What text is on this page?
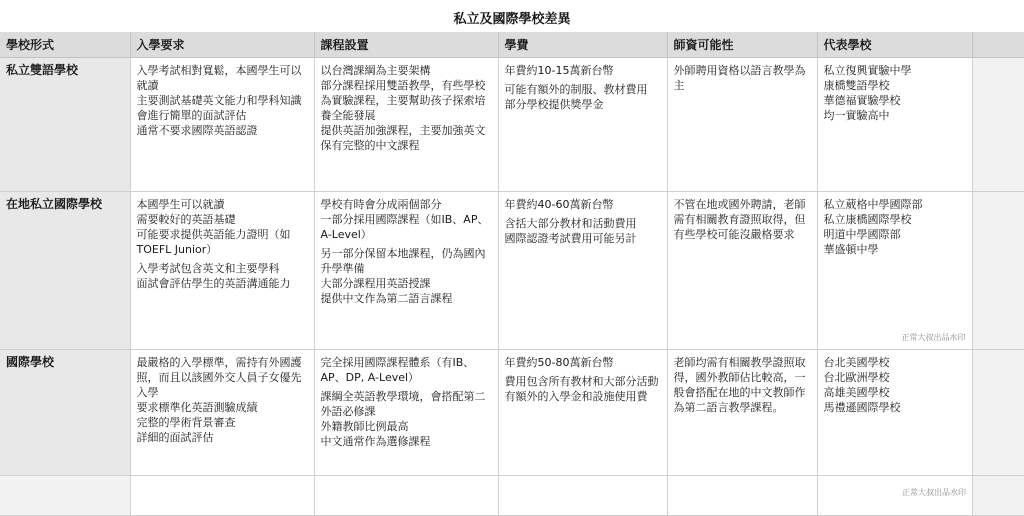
私立及國際學校差異
學校形式	入學要求	課程設置	學費	師資可能性	代表學校	
私立雙語學校	入學考試相對寬鬆，本國學生可以就讀
主要測試基礎英文能力和學科知識
會進行簡單的面試評估
通常不要求國際英語認證	以台灣課綱為主要架構
部分課程採用雙語教學，有些學校為實驗課程，主要幫助孩子探索培養全能發展
提供英語加強課程，主要加強英文
保有完整的中文課程	年費約10-15萬新台幣
可能有額外的制服、教材費用
部分學校提供獎學金	外師聘用資格以語言教學為主	私立復興實驗中學
康橋雙語學校
華德福實驗學校
均一實驗高中	

在地私立國際學校	本國學生可以就讀
需要較好的英語基礎
可能要求提供英語能力證明（如TOEFL Junior）
入學考試包含英文和主要學科
面試會評估學生的英語溝通能力	學校有時會分成兩個部分
一部分採用國際課程（如IB、AP、A-Level）
另一部分保留本地課程，仍為國內升學準備
大部分課程用英語授課
提供中文作為第二語言課程	年費約40-60萬新台幣
含括大部分教材和活動費用
國際認證考試費用可能另計	不管在地或國外聘請，老師需有相關教育證照取得，但有些學校可能沒嚴格要求	私立葳格中學國際部
私立康橋國際學校
明道中學國際部
華盛頓中學
正常大叔出品水印	

國際學校	最嚴格的入學標準，需持有外國護照，而且以該國外交人員子女優先入學
要求標準化英語測驗成績
完整的學術背景審查
詳細的面試評估	完全採用國際課程體系（有IB、AP、DP, A-Level）
課綱全英語教學環境，會搭配第二外語必修課
外籍教師比例最高
中文通常作為選修課程	年費約50-80萬新台幣
費用包含所有教材和大部分活動
有額外的入學金和設施使用費	老師均需有相關教學證照取得，國外教師佔比較高，一般會搭配在地的中文教師作為第二語言教學課程。	台北美國學校
台北歐洲學校
高雄美國學校
馬禮遜國際學校	

正常大叔出品水印
